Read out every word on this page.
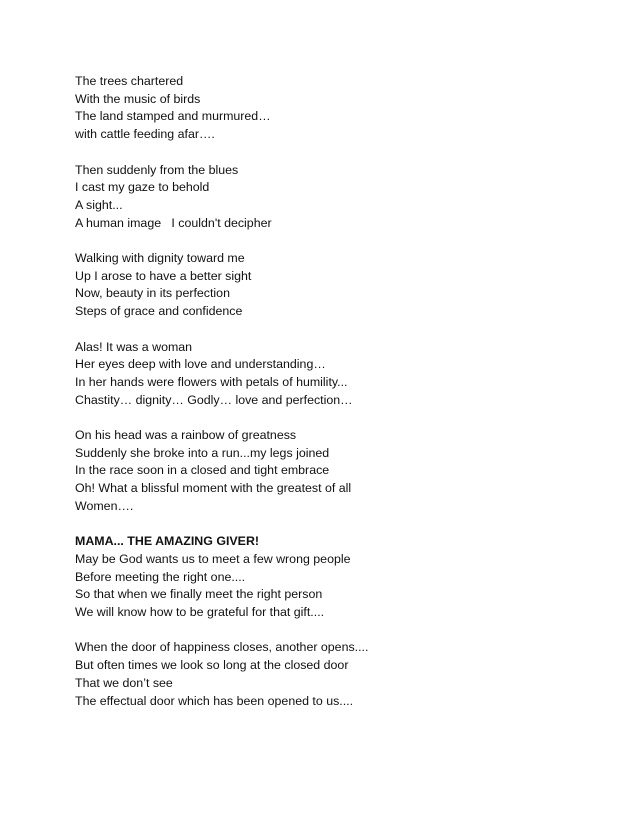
The trees chartered
With the music of birds
The land stamped and murmured…
with cattle feeding afar….
Then suddenly from the blues
I cast my gaze to behold
A sight...
A human image   I couldn't decipher
Walking with dignity toward me
Up I arose to have a better sight
Now, beauty in its perfection
Steps of grace and confidence
Alas! It was a woman
Her eyes deep with love and understanding…
In her hands were flowers with petals of humility...
Chastity… dignity… Godly… love and perfection…
On his head was a rainbow of greatness
Suddenly she broke into a run...my legs joined
In the race soon in a closed and tight embrace
Oh! What a blissful moment with the greatest of all
Women….
MAMA... THE AMAZING GIVER!
May be God wants us to meet a few wrong people
Before meeting the right one....
So that when we finally meet the right person
We will know how to be grateful for that gift....
When the door of happiness closes, another opens....
But often times we look so long at the closed door
That we don’t see
The effectual door which has been opened to us....
